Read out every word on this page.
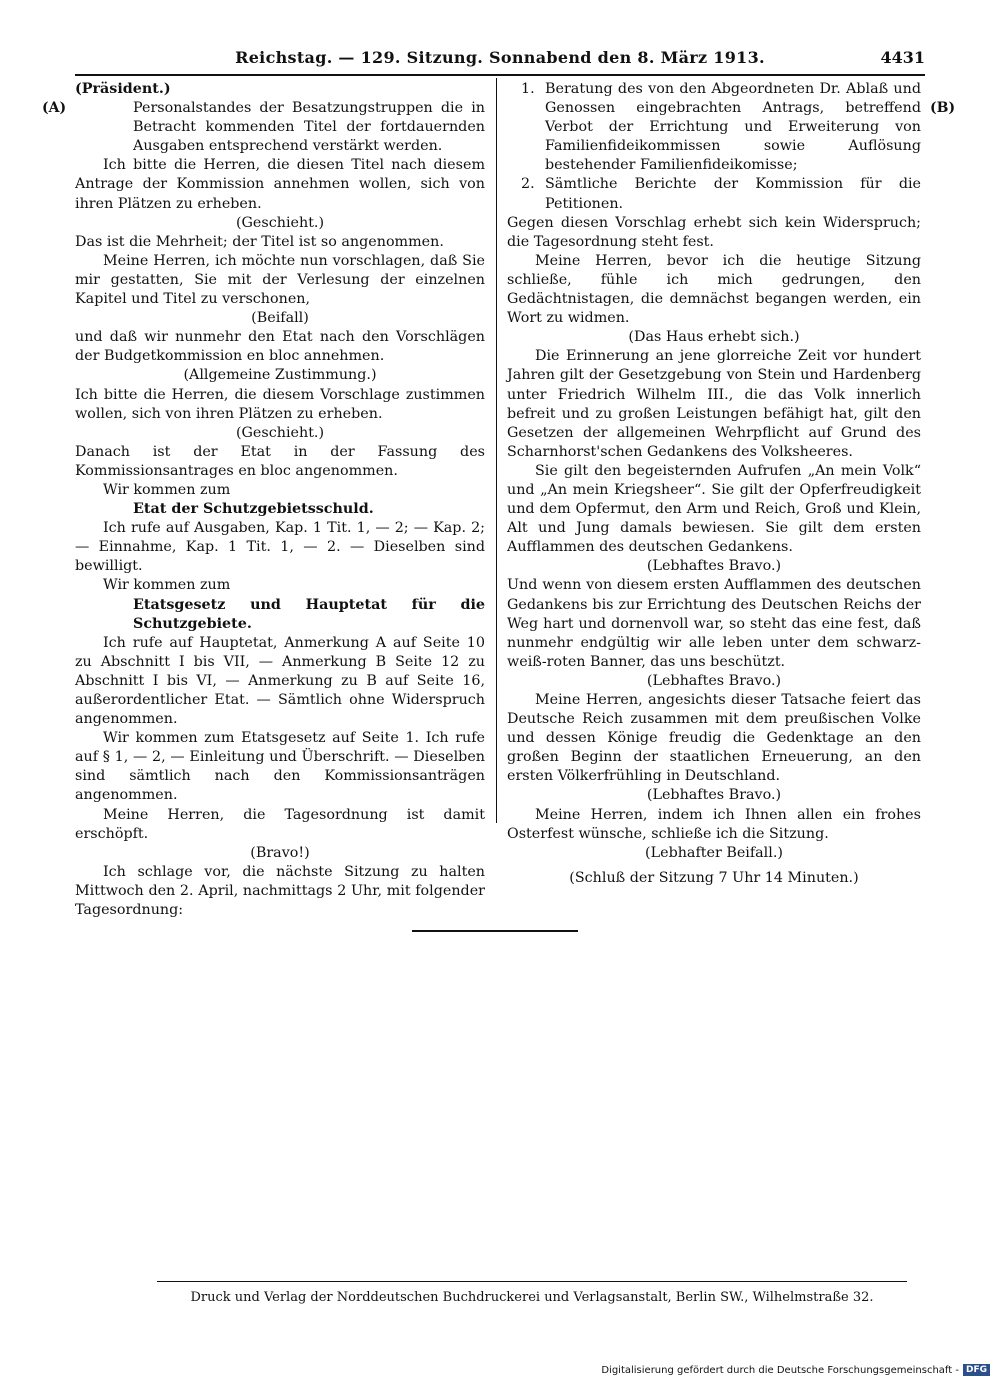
Reichstag. — 129. Sitzung. Sonnabend den 8. März 1913.	4431
(A)	(B)

(Präsident.)

Personalstandes der Besatzungstruppen die in Betracht kommenden Titel der fortdauernden Ausgaben entsprechend verstärkt werden.

Ich bitte die Herren, die diesen Titel nach diesem Antrage der Kommission annehmen wollen, sich von ihren Plätzen zu erheben.

(Geschieht.)

Das ist die Mehrheit; der Titel ist so angenommen.

Meine Herren, ich möchte nun vorschlagen, daß Sie mir gestatten, Sie mit der Verlesung der einzelnen Kapitel und Titel zu verschonen,

(Beifall)

und daß wir nunmehr den Etat nach den Vorschlägen der Budgetkommission en bloc annehmen.

(Allgemeine Zustimmung.)

Ich bitte die Herren, die diesem Vorschlage zustimmen wollen, sich von ihren Plätzen zu erheben.

(Geschieht.)

Danach ist der Etat in der Fassung des Kommissionsantrages en bloc angenommen.

Wir kommen zum

Etat der Schutzgebietsschuld.

Ich rufe auf Ausgaben, Kap. 1 Tit. 1, — 2; — Kap. 2; — Einnahme, Kap. 1 Tit. 1, — 2. — Dieselben sind bewilligt.

Wir kommen zum

Etatsgesetz und Hauptetat für die Schutzgebiete.

Ich rufe auf Hauptetat, Anmerkung A auf Seite 10 zu Abschnitt I bis VII, — Anmerkung B Seite 12 zu Abschnitt I bis VI, — Anmerkung zu B auf Seite 16, außerordentlicher Etat. — Sämtlich ohne Widerspruch angenommen.

Wir kommen zum Etatsgesetz auf Seite 1. Ich rufe auf § 1, — 2, — Einleitung und Überschrift. — Dieselben sind sämtlich nach den Kommissionsanträgen angenommen.

Meine Herren, die Tagesordnung ist damit erschöpft.

(Bravo!)

Ich schlage vor, die nächste Sitzung zu halten Mittwoch den 2. April, nachmittags 2 Uhr, mit folgender Tagesordnung:

1. Beratung des von den Abgeordneten Dr. Ablaß und Genossen eingebrachten Antrags, betreffend Verbot der Errichtung und Erweiterung von Familienfideikommissen sowie Auflösung bestehender Familienfideikomisse;
2. Sämtliche Berichte der Kommission für die Petitionen.

Gegen diesen Vorschlag erhebt sich kein Widerspruch; die Tagesordnung steht fest.

Meine Herren, bevor ich die heutige Sitzung schließe, fühle ich mich gedrungen, den Gedächtnistagen, die demnächst begangen werden, ein Wort zu widmen.

(Das Haus erhebt sich.)

Die Erinnerung an jene glorreiche Zeit vor hundert Jahren gilt der Gesetzgebung von Stein und Hardenberg unter Friedrich Wilhelm III., die das Volk innerlich befreit und zu großen Leistungen befähigt hat, gilt den Gesetzen der allgemeinen Wehrpflicht auf Grund des Scharnhorst'schen Gedankens des Volksheeres.

Sie gilt den begeisternden Aufrufen „An mein Volk“ und „An mein Kriegsheer“. Sie gilt der Opferfreudigkeit und dem Opfermut, den Arm und Reich, Groß und Klein, Alt und Jung damals bewiesen. Sie gilt dem ersten Aufflammen des deutschen Gedankens.

(Lebhaftes Bravo.)

Und wenn von diesem ersten Aufflammen des deutschen Gedankens bis zur Errichtung des Deutschen Reichs der Weg hart und dornenvoll war, so steht das eine fest, daß nunmehr endgültig wir alle leben unter dem schwarz-weiß-roten Banner, das uns beschützt.

(Lebhaftes Bravo.)

Meine Herren, angesichts dieser Tatsache feiert das Deutsche Reich zusammen mit dem preußischen Volke und dessen Könige freudig die Gedenktage an den großen Beginn der staatlichen Erneuerung, an den ersten Völkerfrühling in Deutschland.

(Lebhaftes Bravo.)

Meine Herren, indem ich Ihnen allen ein frohes Osterfest wünsche, schließe ich die Sitzung.

(Lebhafter Beifall.)

(Schluß der Sitzung 7 Uhr 14 Minuten.)

Druck und Verlag der Norddeutschen Buchdruckerei und Verlagsanstalt, Berlin SW., Wilhelmstraße 32.
Digitalisierung gefördert durch die Deutsche Forschungsgemeinschaft - DFG
